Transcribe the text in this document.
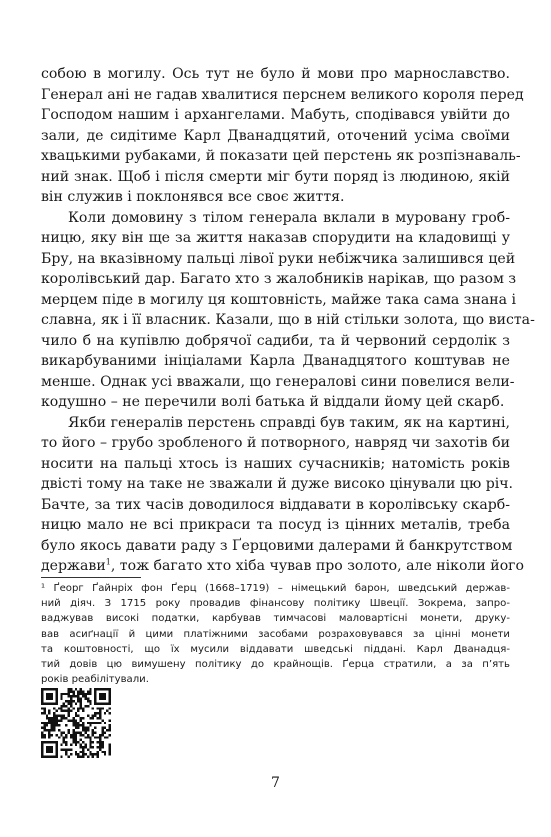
собою в могилу. Ось тут не було й мови про марнославство.
Генерал ані не гадав хвалитися перснем великого короля перед
Господом нашим і архангелами. Мабуть, сподівався увійти до
зали, де сидітиме Карл Дванадцятий, оточений усіма своїми
хвацькими рубаками, й показати цей перстень як розпізнаваль-
ний знак. Щоб і після смерти міг бути поряд із людиною, якій
він служив і поклонявся все своє життя.
Коли домовину з тілом генерала вклали в муровану гроб-
ницю, яку він ще за життя наказав спорудити на кладовищі у
Бру, на вказівному пальці лівої руки небіжчика залишився цей
королівський дар. Багато хто з жалобників нарікав, що разом з
мерцем піде в могилу ця коштовність, майже така сама знана і
славна, як і її власник. Казали, що в ній стільки золота, що виста-
чило б на купівлю добрячої садиби, та й червоний сердолік з
викарбуваними ініціалами Карла Дванадцятого коштував не
менше. Однак усі вважали, що генералові сини повелися вели-
кодушно – не перечили волі батька й віддали йому цей скарб.
Якби генералів перстень справді був таким, як на картині,
то його – грубо зробленого й потворного, навряд чи захотів би
носити на пальці хтось із наших сучасників; натомість років
двісті тому на таке не зважали й дуже високо цінували цю річ.
Бачте, за тих часів доводилося віддавати в королівську скарб-
ницю мало не всі прикраси та посуд із цінних металів, треба
було якось давати раду з Ґерцовими далерами й банкрутством
держави$^1$, тож багато хто хіба чував про золото, але ніколи його
¹ Ґеорг Ґайнріх фон Ґерц (1668–1719) – німецький барон, шведський держав-
ний діяч. З 1715 року провадив фінансову політику Швеції. Зокрема, запро-
ваджував високі податки, карбував тимчасові маловартісні монети, друку-
вав асиґнації й цими платіжними засобами розраховувався за цінні монети
та коштовності, що їх мусили віддавати шведські піддані. Карл Дванадця-
тий довів цю вимушену політику до крайнощів. Ґерца стратили, а за п’ять
років реабілітували.
7
